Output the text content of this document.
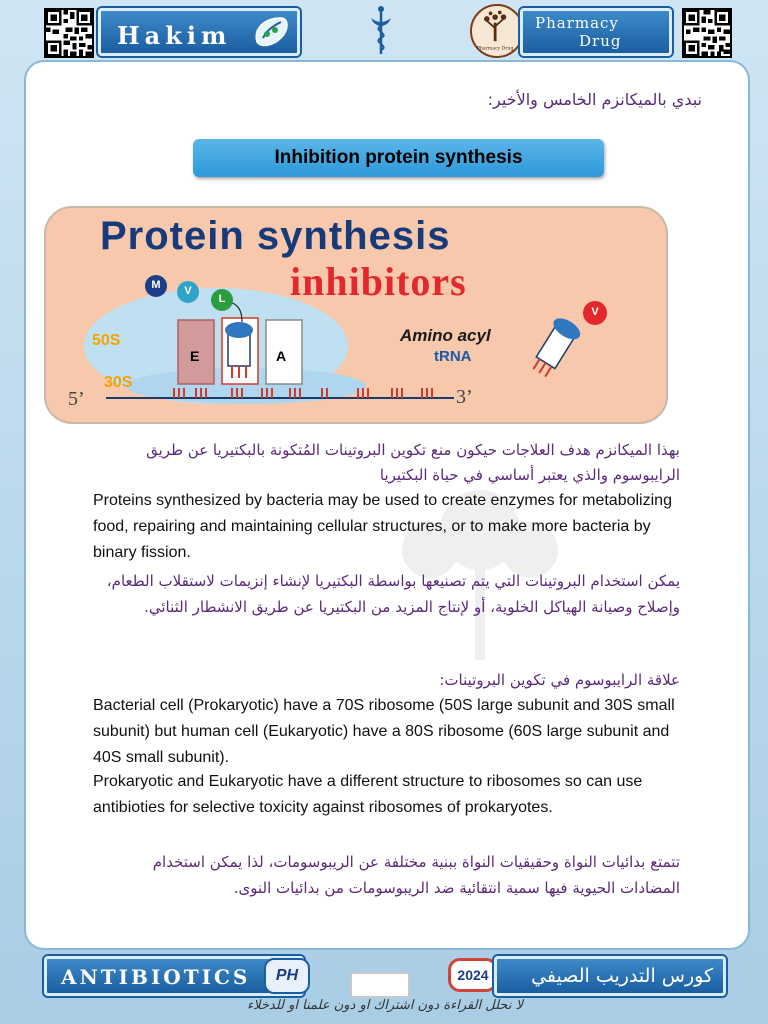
Hakim	Pharmacy Drug
Pharmacy
Drug
نبدي بالميكانزم الخامس والأخير:
Inhibition protein synthesis
Protein synthesis
inhibitors
50S
30S
5’	3’
E	A
Amino acyl
tRNA
M	V
L
V
بهذا الميكانزم هدف العلاجات حيكون منع تكوين البروتينات المُتكونة بالبكتيريا عن طريق الرايبوسوم والذي يعتبر أساسي في حياة البكتيريا
Proteins synthesized by bacteria may be used to create enzymes for metabolizing food, repairing and maintaining cellular structures, or to make more bacteria by binary fission.
يمكن استخدام البروتينات التي يتم تصنيعها بواسطة البكتيريا لإنشاء إنزيمات لاستقلاب الطعام، وإصلاح وصيانة الهياكل الخلوية، أو لإنتاج المزيد من البكتيريا عن طريق الانشطار الثنائي.
علاقة الرايبوسوم في تكوين البروتينات:
Bacterial cell (Prokaryotic) have a 70S ribosome (50S large subunit and 30S small subunit) but human cell (Eukaryotic) have a 80S ribosome (60S large subunit and 40S small subunit).
Prokaryotic and Eukaryotic have a different structure to ribosomes so can use antibioties for selective toxicity against ribosomes of prokaryotes.
تتمتع بدائيات النواة وحقيقيات النواة ببنية مختلفة عن الريبوسومات، لذا يمكن استخدام المضادات الحيوية فيها سمية انتقائية ضد الريبوسومات من بدائيات النوى.
ANTIBIOTICS	PH	2024	كورس التدريب الصيفي
لا نحلل القراءة دون اشتراك او دون علمنا او للدخلاء
